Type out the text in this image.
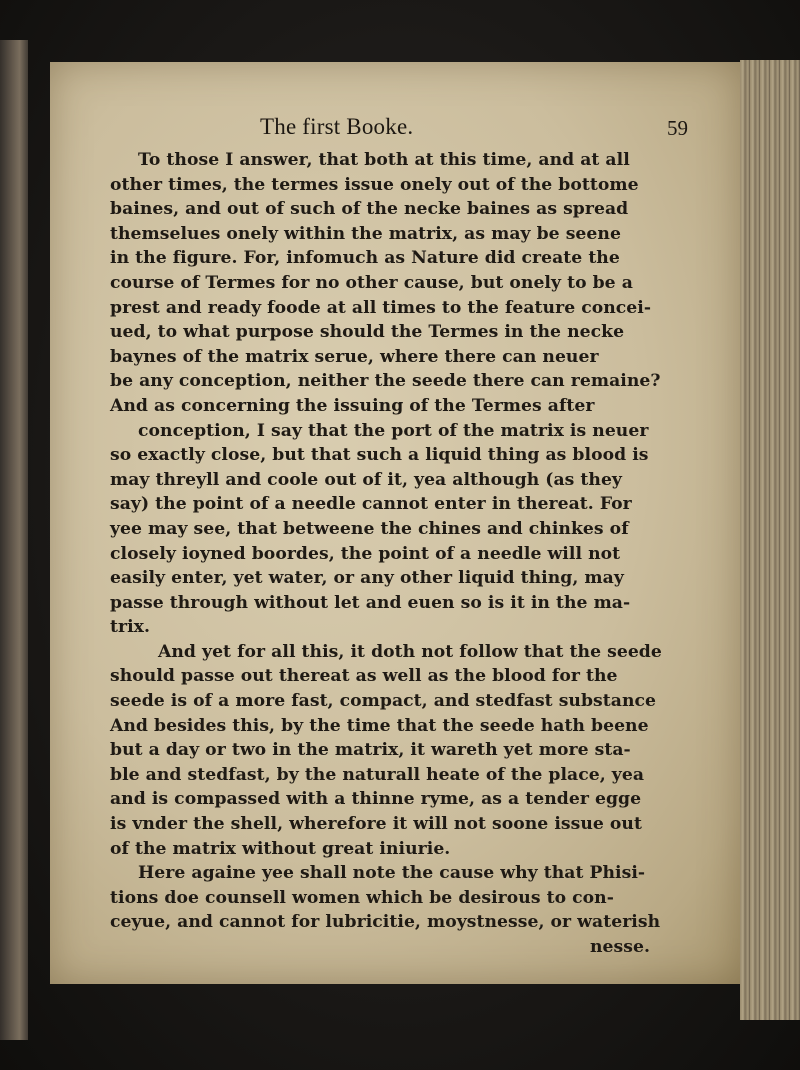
The first Booke.	59
To those I answer, that both at this time, and at all
other times, the termes issue onely out of the bottome
baines, and out of such of the necke baines as spread
themselues onely within the matrix, as may be seene
in the figure. For, infomuch as Nature did create the
course of Termes for no other cause, but onely to be a
prest and ready foode at all times to the feature concei-
ued, to what purpose should the Termes in the necke
baynes of the matrix serue, where there can neuer
be any conception, neither the seede there can remaine?
And as concerning the issuing of the Termes after
conception, I say that the port of the matrix is neuer
so exactly close, but that such a liquid thing as blood is
may threyll and coole out of it, yea although (as they
say) the point of a needle cannot enter in thereat. For
yee may see, that betweene the chines and chinkes of
closely ioyned boordes, the point of a needle will not
easily enter, yet water, or any other liquid thing, may
passe through without let and euen so is it in the ma-
trix.
And yet for all this, it doth not follow that the seede
should passe out thereat as well as the blood for the
seede is of a more fast, compact, and stedfast substance
And besides this, by the time that the seede hath beene
but a day or two in the matrix, it wareth yet more sta-
ble and stedfast, by the naturall heate of the place, yea
and is compassed with a thinne ryme, as a tender egge
is vnder the shell, wherefore it will not soone issue out
of the matrix without great iniurie.
Here againe yee shall note the cause why that Phisi-
tions doe counsell women which be desirous to con-
ceyue, and cannot for lubricitie, moystnesse, or waterish
nesse.
